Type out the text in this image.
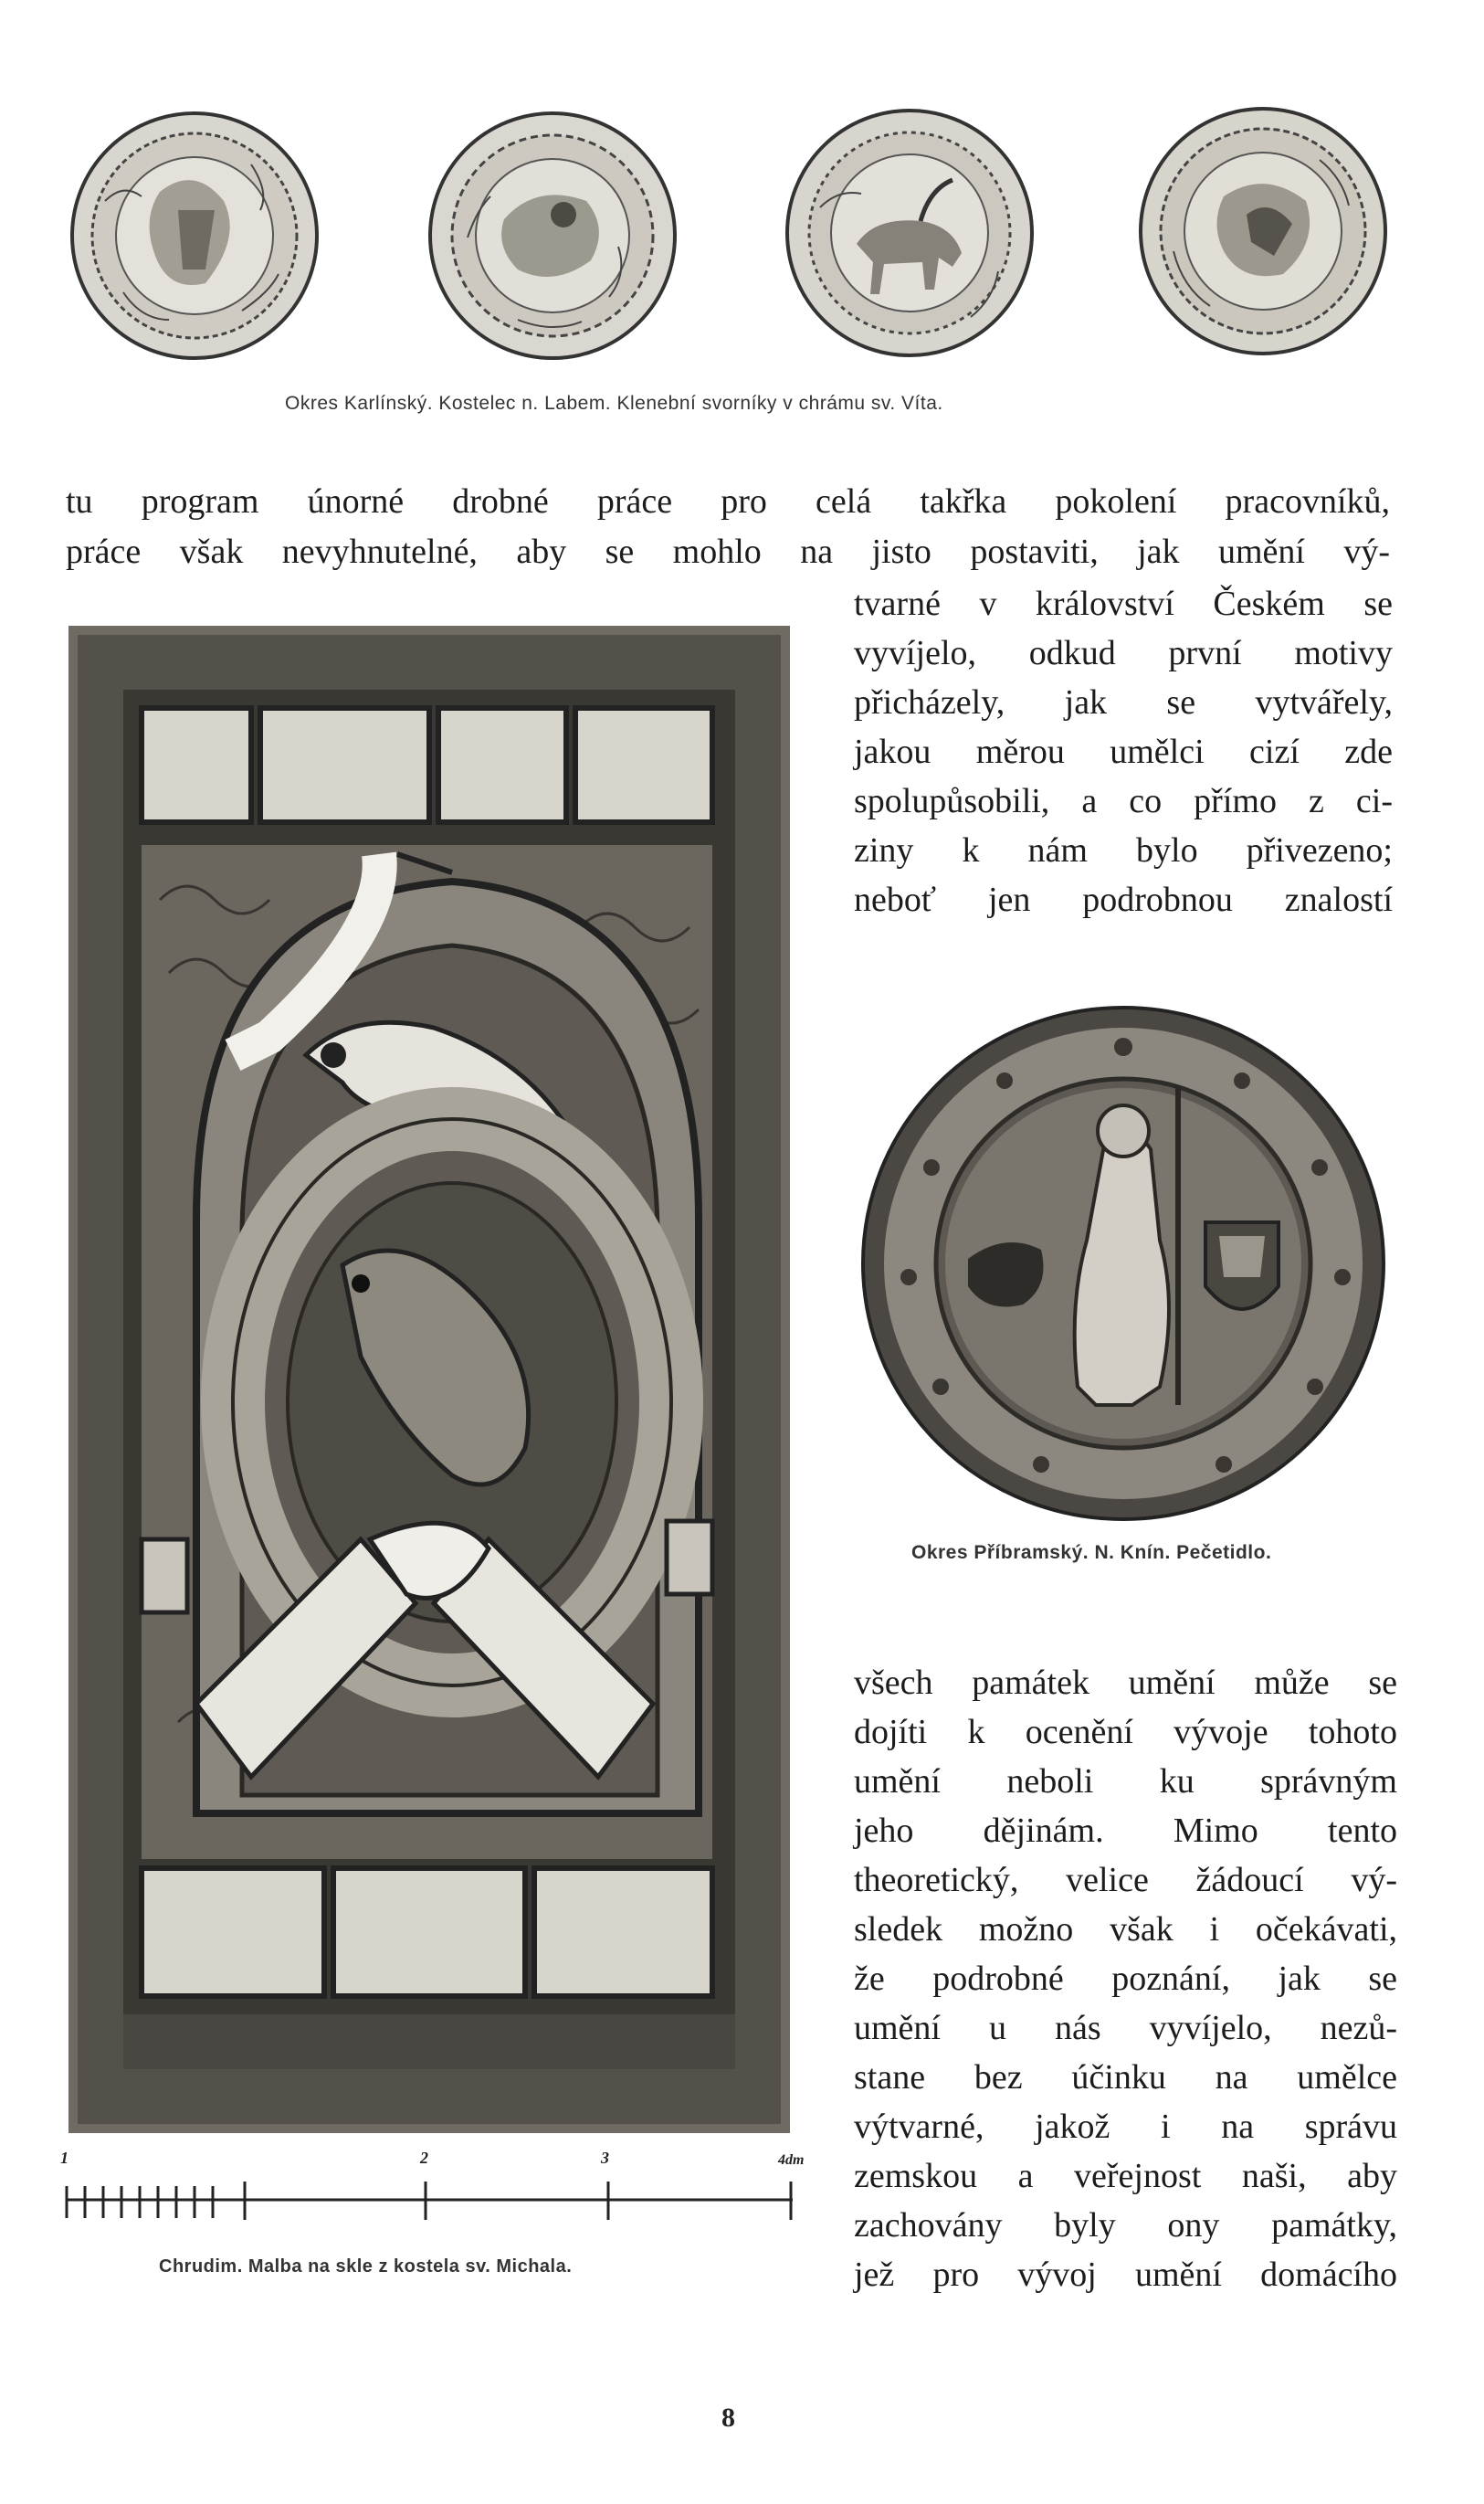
Okres Karlínský. Kostelec n. Labem. Klenební svorníky v chrámu sv. Víta.
tu program únorné drobné práce pro celá takřka pokolení pracovníků,
práce však nevyhnutelné, aby se mohlo na jisto postaviti, jak umění vý-
tvarné v království Českém se
vyvíjelo, odkud první motivy
přicházely, jak se vytvářely,
jakou měrou umělci cizí zde
spolupůsobili, a co přímo z ci-
ziny k nám bylo přivezeno;
neboť jen podrobnou znalostí
1	2	3	4dm
Chrudim. Malba na skle z kostela sv. Michala.
Okres Příbramský. N. Knín. Pečetidlo.
všech památek umění může se
dojíti k ocenění vývoje tohoto
umění neboli ku správným
jeho dějinám. Mimo tento
theoretický, velice žádoucí vý-
sledek možno však i očekávati,
že podrobné poznání, jak se
umění u nás vyvíjelo, nezů-
stane bez účinku na umělce
výtvarné, jakož i na správu
zemskou a veřejnost naši, aby
zachovány byly ony památky,
jež pro vývoj umění domácího
8
